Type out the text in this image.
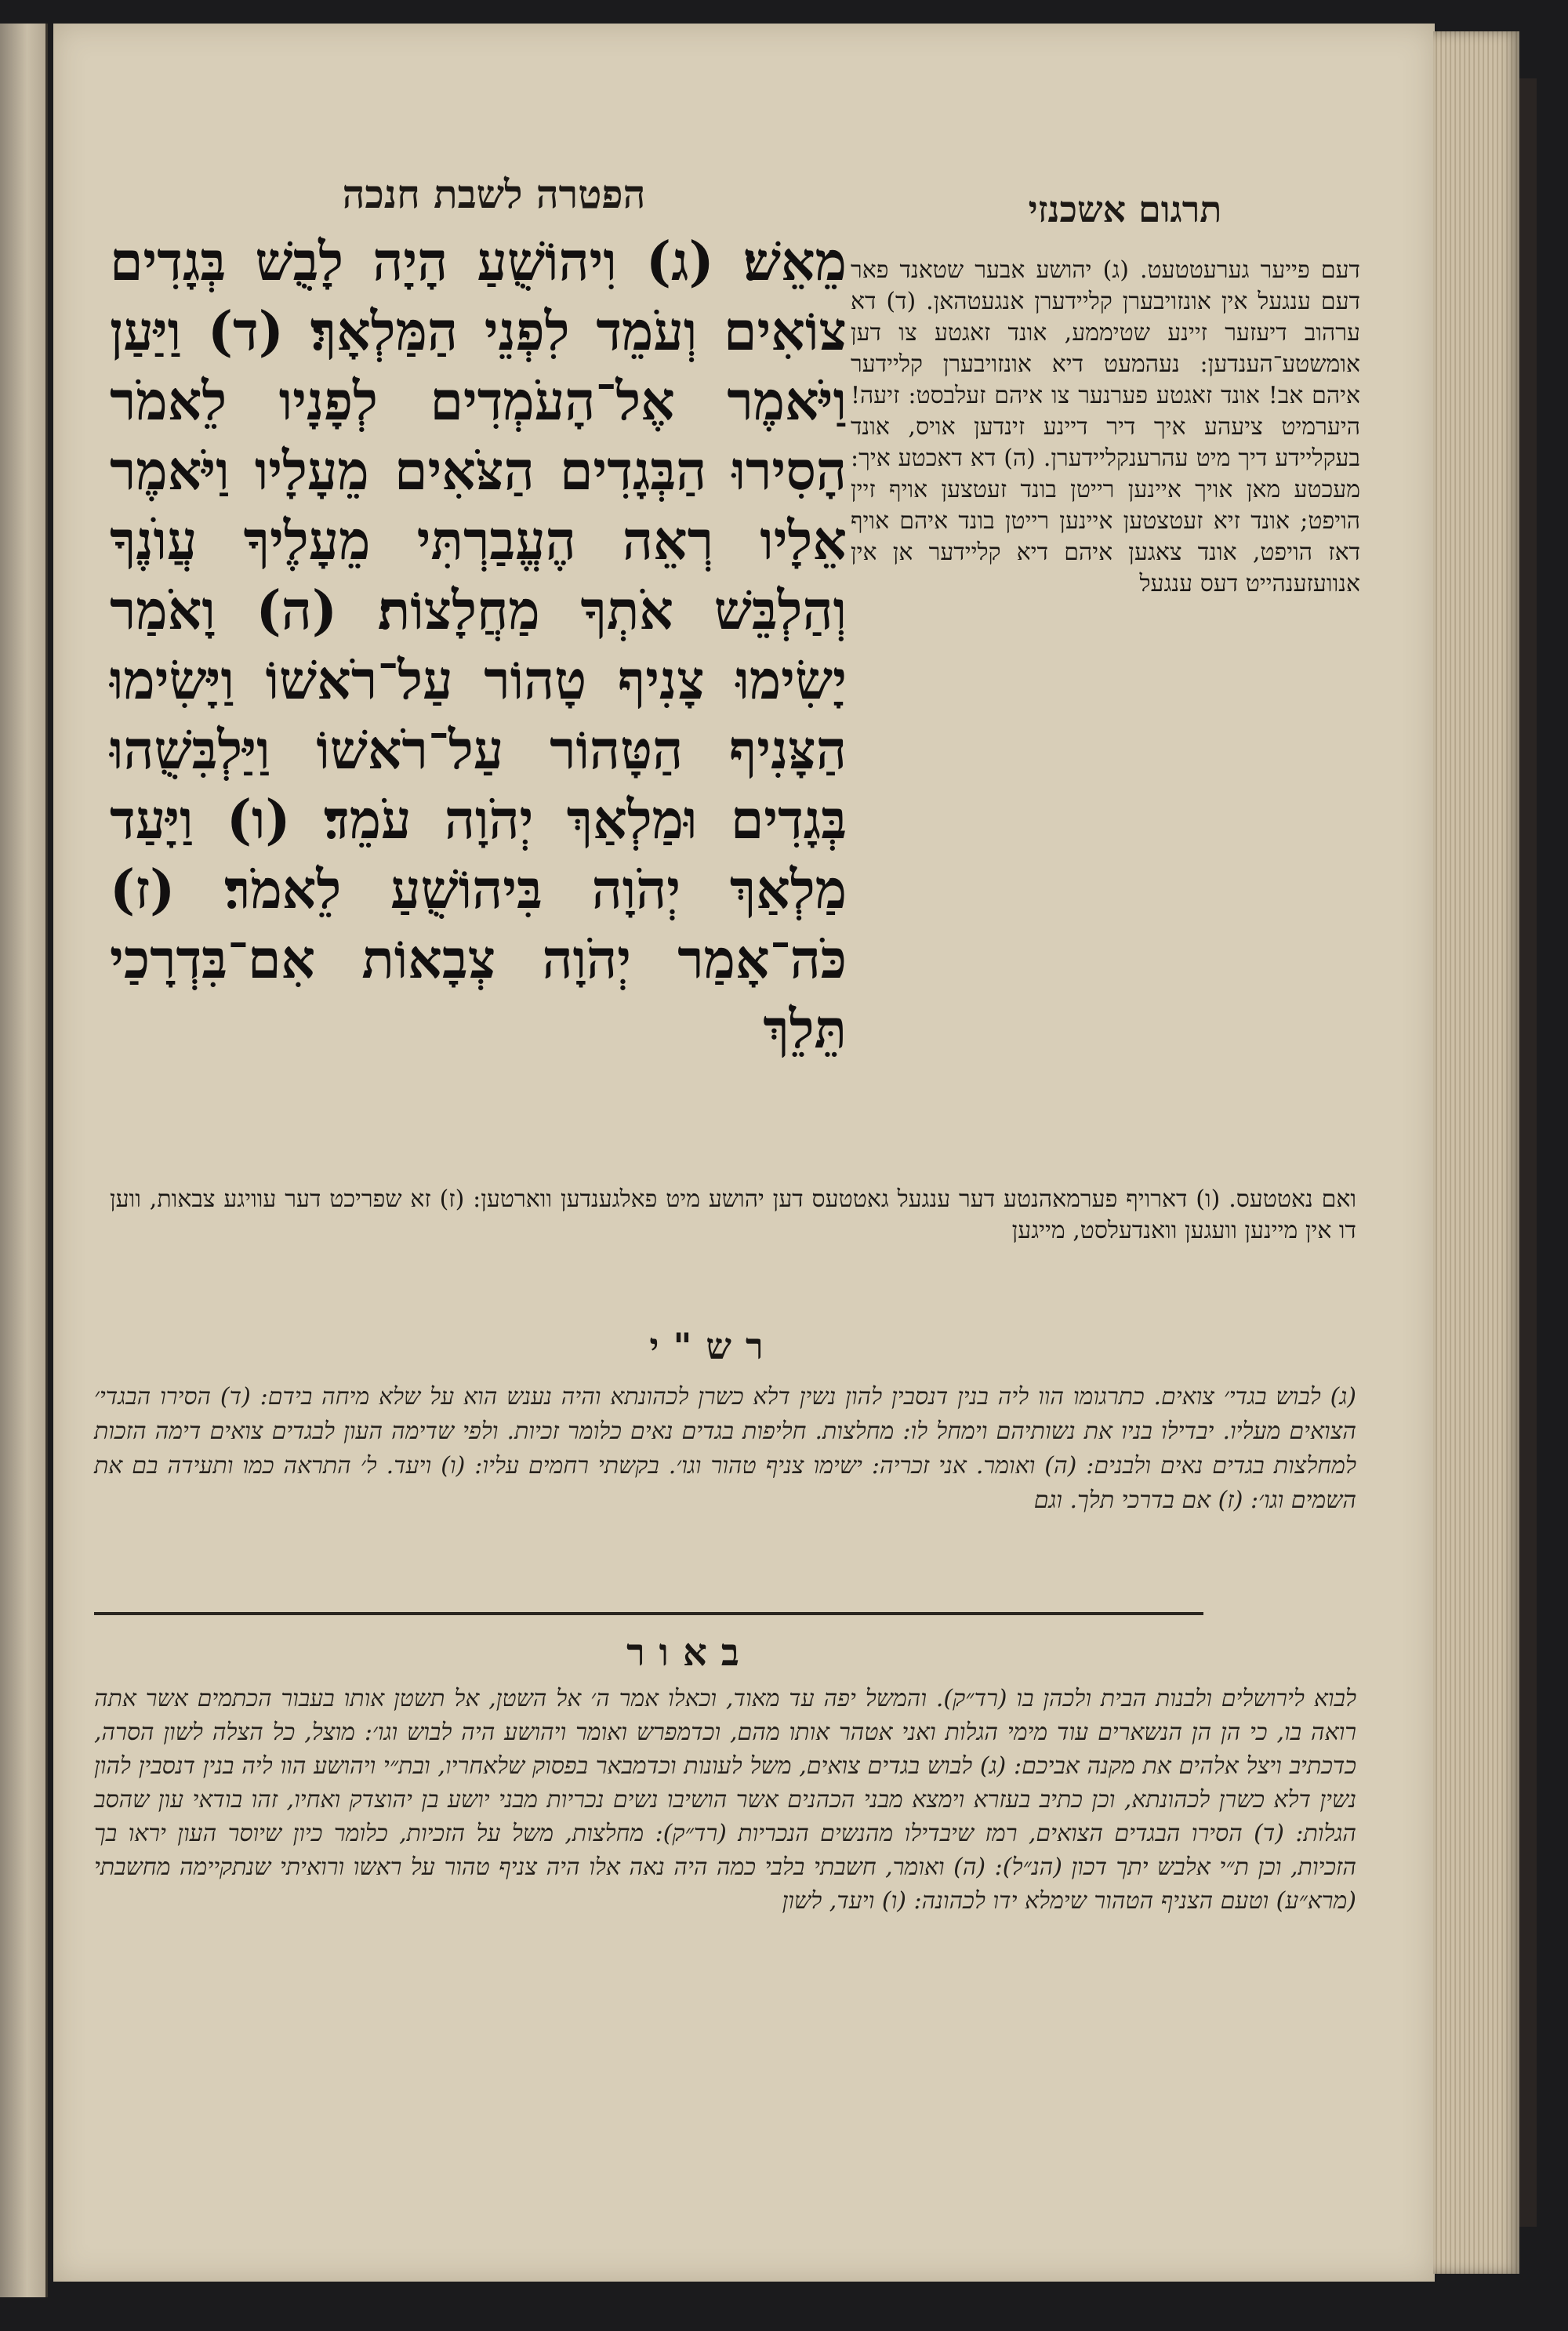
הפטרה לשבת חנכה	תרגום אשכנזי

מֵאֵשׁ׃ (ג) וִיהוֹשֻׁעַ הָיָה לָבֻשׁ בְּגָדִים צוֹאִים וְעֹמֵד לִפְנֵי הַמַּלְאָךְ׃ (ד) וַיַּעַן וַיֹּאמֶר אֶל־הָעֹמְדִים לְפָנָיו לֵאמֹר הָסִירוּ הַבְּגָדִים הַצֹּאִים מֵעָלָיו וַיֹּאמֶר אֵלָיו רְאֵה הֶעֱבַרְתִּי מֵעָלֶיךָ עֲוֺנֶךָ וְהַלְבֵּשׁ אֹתְךָ מַחֲלָצוֹת׃ (ה) וָאֹמַר יָשִׂימוּ צָנִיף טָהוֹר עַל־רֹאשׁוֹ וַיָּשִׂימוּ הַצָּנִיף הַטָּהוֹר עַל־רֹאשׁוֹ וַיַּלְבִּשֻׁהוּ בְּגָדִים וּמַלְאַךְ יְהֹוָה עֹמֵד׃ (ו) וַיָּעַד מַלְאַךְ יְהֹוָה בִּיהוֹשֻׁעַ לֵאמֹר׃ (ז) כֹּה־אָמַר יְהֹוָה צְבָאוֹת אִם־בִּדְרָכַי תֵּלֵךְ

דעם פייער גערעטטעט. (ג) יהושע אבער שטאנד פאר דעם ענגעל אין אונזויבערן קליידערן אנגעטהאן. (ד) דא ערהוב דיעזער זיינע שטיממע, אונד זאגטע צו דען אומשטע־הענדען: נעהמעט דיא אונזויבערן קליידער איהם אב! אונד זאגטע פערנער צו איהם זעלבסט: זיעה! היערמיט ציעהע איך דיר דיינע זינדען אויס, אונד בעקליידע דיך מיט עהרענקליידערן. (ה) דא דאכטע איך: מעכטע מאן אויך איינען רייטן בונד זעטצען אויף זיין הויפט; אונד זיא זעטצטען איינען רייטן בונד איהם אויף דאז הויפט, אונד צאגען איהם דיא קליידער אן אין אנוועזענהייט דעס ענגעל

ואם נאטטעס. (ו) דארויף פערמאהנטע דער ענגעל גאטטעס דען יהושע מיט פאלגענדען ווארטען: (ז) זא שפריכט דער עוויגע צבאות, ווען דו אין מיינען וועגען וואנדעלסט, מייגען

רש"י

(ג) לבוש בגדי׳ צואים. כתרגומו הוו ליה בנין דנסבין להון נשין דלא כשרן לכהונתא והיה נענש הוא על שלא מיחה בידם: (ד) הסירו הבגדי׳ הצואים מעליו. יבדילו בניו את נשותיהם וימחל לו: מחלצות. חליפות בגדים נאים כלומר זכיות. ולפי שדימה העון לבגדים צואים דימה הזכות למחלצות בגדים נאים ולבנים: (ה) ואומר. אני זכריה: ישימו צניף טהור וגו׳. בקשתי רחמים עליו: (ו) ויעד. ל׳ התראה כמו ותעידה בם את השמים וגו׳: (ז) אם בדרכי תלך. וגם

באור

לבוא לירושלים ולבנות הבית ולכהן בו (רד״ק). והמשל יפה עד מאוד, וכאלו אמר ה׳ אל השטן, אל תשטן אותו בעבור הכתמים אשר אתה רואה בו, כי הן הן הנשארים עוד מימי הגלות ואני אטהר אותו מהם, וכדמפרש ואומר ויהושע היה לבוש וגו׳: מוצל, כל הצלה לשון הסרה, כדכתיב ויצל אלהים את מקנה אביכם: (ג) לבוש בגדים צואים, משל לעונות וכדמבאר בפסוק שלאחריו, ובת״י ויהושע הוו ליה בנין דנסבין להון נשין דלא כשרן לכהונתא, וכן כתיב בעזרא וימצא מבני הכהנים אשר הושיבו נשים נכריות מבני יושע בן יהוצדק ואחיו, זהו בודאי עון שהסב הגלות: (ד) הסירו הבגדים הצואים, רמז שיבדילו מהנשים הנכריות (רד״ק): מחלצות, משל על הזכיות, כלומר כיון שיוסר העון יראו בך הזכיות, וכן ת״י אלבש יתך דכון (הנ״ל): (ה) ואומר, חשבתי בלבי כמה היה נאה אלו היה צניף טהור על ראשו ורואיתי שנתקיימה מחשבתי (מרא״ע) וטעם הצניף הטהור שימלא ידו לכהונה: (ו) ויעד, לשון
